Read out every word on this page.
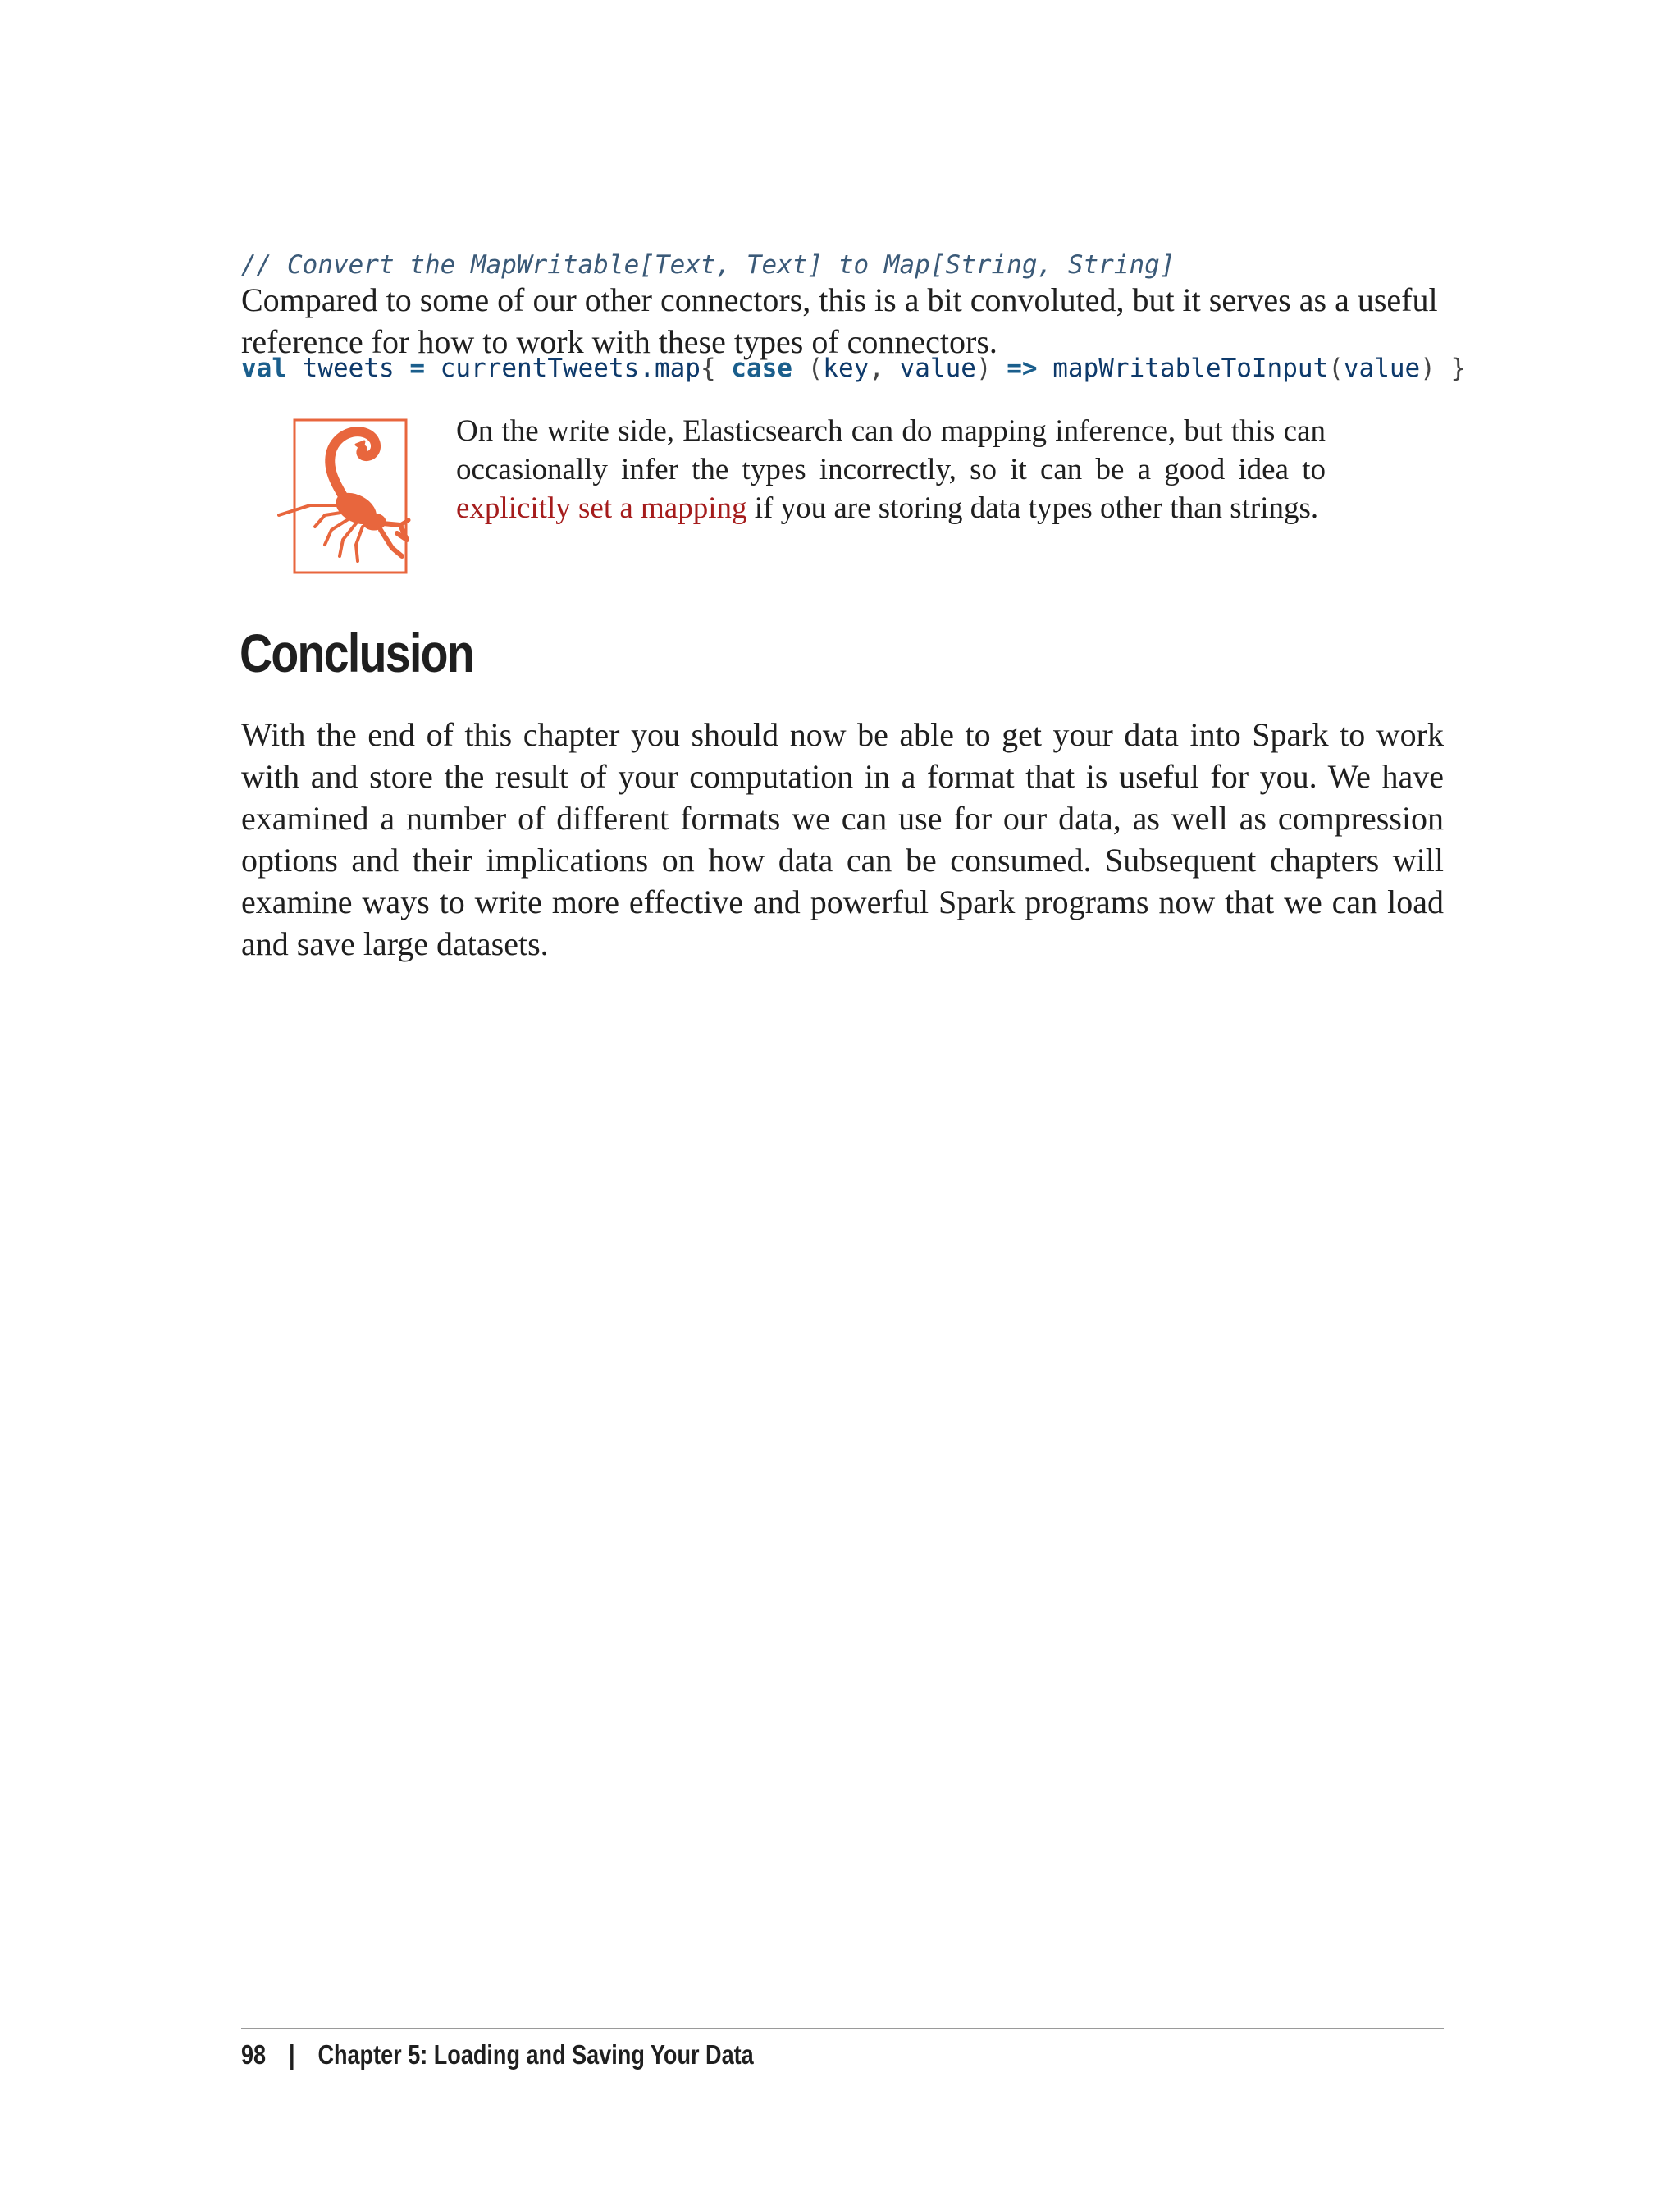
// Convert the MapWritable[Text, Text] to Map[String, String]

val tweets = currentTweets.map{ case (key, value) => mapWritableToInput(value) }

Compared to some of our other connectors, this is a bit convoluted, but it serves as a useful reference for how to work with these types of connectors.

On the write side, Elasticsearch can do mapping inference, but this can occasionally infer the types incorrectly, so it can be a good idea to explicitly set a mapping if you are storing data types other than strings.

Conclusion

With the end of this chapter you should now be able to get your data into Spark to work with and store the result of your computation in a format that is useful for you. We have examined a number of different formats we can use for our data, as well as compression options and their implications on how data can be consumed. Subsequent chapters will examine ways to write more effective and powerful Spark programs now that we can load and save large datasets.

98 | Chapter 5: Loading and Saving Your Data
